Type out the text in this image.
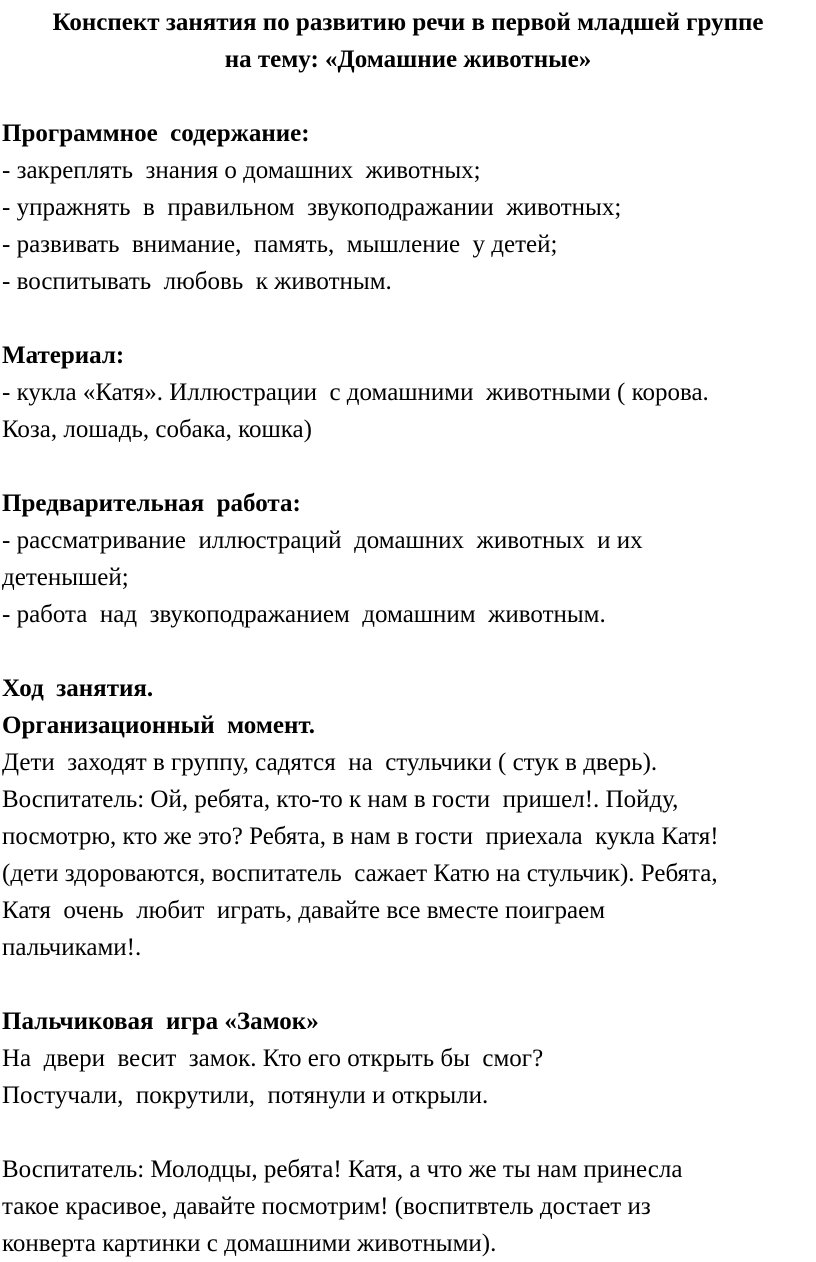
Конспект занятия по развитию речи в первой младшей группе
на тему: «Домашние животные»
Программное  содержание:
- закреплять  знания о домашних  животных;
- упражнять  в  правильном  звукоподражании  животных;
- развивать  внимание,  память,  мышление  у детей;
- воспитывать  любовь  к животным.
Материал:
- кукла «Катя». Иллюстрации  с домашними  животными ( корова.
Коза, лошадь, собака, кошка)
Предварительная  работа:
- рассматривание  иллюстраций  домашних  животных  и их
детенышей;
- работа  над  звукоподражанием  домашним  животным.
Ход  занятия.
Организационный  момент.
Дети  заходят в группу, садятся  на  стульчики ( стук в дверь).
Воспитатель: Ой, ребята, кто-то к нам в гости  пришел!. Пойду,
посмотрю, кто же это? Ребята, в нам в гости  приехала  кукла Катя!
(дети здороваются, воспитатель  сажает Катю на стульчик). Ребята,
Катя  очень  любит  играть, давайте все вместе поиграем
пальчиками!.
Пальчиковая  игра «Замок»
На  двери  весит  замок. Кто его открыть бы  смог?
Постучали,  покрутили,  потянули и открыли.
Воспитатель: Молодцы, ребята! Катя, а что же ты нам принесла
такое красивое, давайте посмотрим! (воспитвтель достает из
конверта картинки с домашними животными).
